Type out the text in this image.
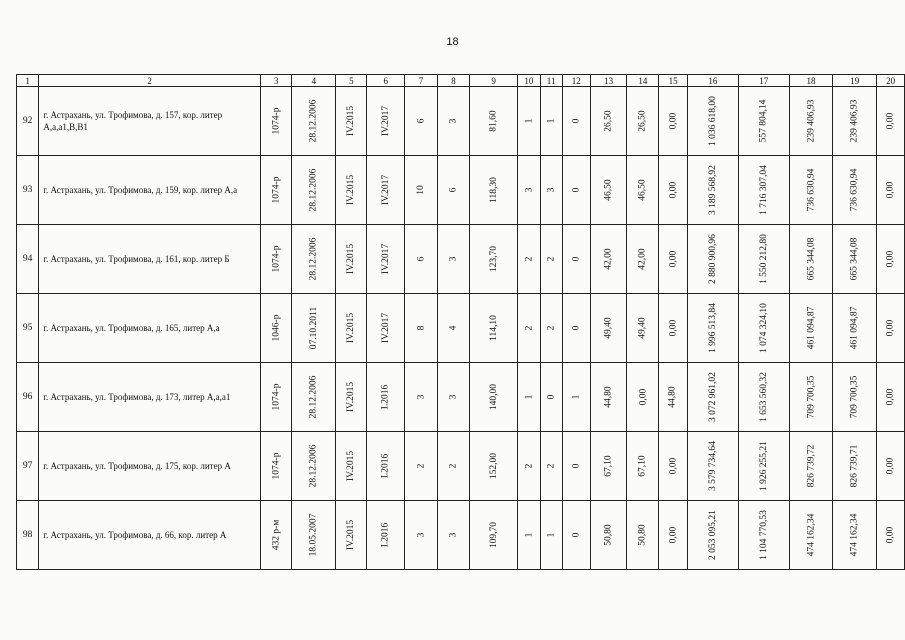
18
1	2	3	4	5	6	7	8	9	10	11	12	13	14	15	16	17	18	19	20
92	г. Астрахань, ул. Трофимова, д. 157, кор. литер А,а,а1,В,В1	1074-р	28.12.2006	IV.2015	IV.2017	6	3	81,60	1	1	0	26,50	26,50	0,00	1 036 618,00	557 804,14	239 406,93	239 406,93	0,00
93	г. Астрахань, ул. Трофимова, д. 159, кор. литер А,а	1074-р	28.12.2006	IV.2015	IV.2017	10	6	118,30	3	3	0	46,50	46,50	0,00	3 189 568,92	1 716 307,04	736 630,94	736 630,94	0,00
94	г. Астрахань, ул. Трофимова, д. 161, кор. литер Б	1074-р	28.12.2006	IV.2015	IV.2017	6	3	123,70	2	2	0	42,00	42,00	0,00	2 880 900,96	1 550 212,80	665 344,08	665 344,08	0,00
95	г. Астрахань, ул. Трофимова, д. 165, литер А,а	1046-р	07.10.2011	IV.2015	IV.2017	8	4	114,10	2	2	0	49,40	49,40	0,00	1 996 513,84	1 074 324,10	461 094,87	461 094,87	0,00
96	г. Астрахань, ул. Трофимова, д. 173, литер А,а,а1	1074-р	28.12.2006	IV.2015	I.2016	3	3	140,00	1	0	1	44,80	0,00	44,80	3 072 961,02	1 653 560,32	709 700,35	709 700,35	0,00
97	г. Астрахань, ул. Трофимова, д. 175, кор. литер А	1074-р	28.12.2006	IV.2015	I.2016	2	2	152,00	2	2	0	67,10	67,10	0,00	3 579 734,64	1 926 255,21	826 739,72	826 739,71	0,00
98	г. Астрахань, ул. Трофимова, д. 66, кор. литер А	432 р-м	18.05.2007	IV.2015	I.2016	3	3	109,70	1	1	0	50,80	50,80	0,00	2 053 095,21	1 104 770,53	474 162,34	474 162,34	0,00
